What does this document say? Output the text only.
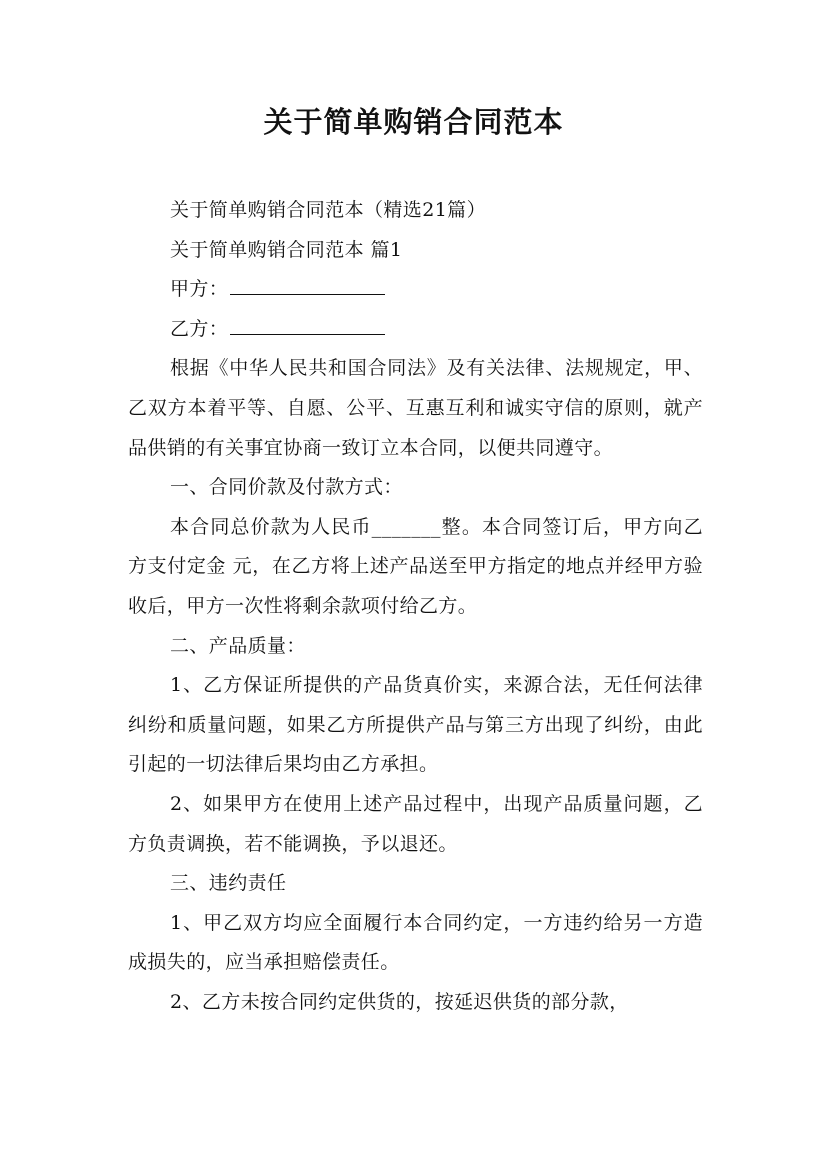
关于简单购销合同范本

关于简单购销合同范本（精选21篇）

关于简单购销合同范本 篇1

甲方：

乙方：

根据《中华人民共和国合同法》及有关法律、法规规定，甲、乙双方本着平等、自愿、公平、互惠互利和诚实守信的原则，就产品供销的有关事宜协商一致订立本合同，以便共同遵守。

一、合同价款及付款方式：

本合同总价款为人民币_______整。本合同签订后，甲方向乙方支付定金 元，在乙方将上述产品送至甲方指定的地点并经甲方验收后，甲方一次性将剩余款项付给乙方。

二、产品质量：

1、乙方保证所提供的产品货真价实，来源合法，无任何法律纠纷和质量问题，如果乙方所提供产品与第三方出现了纠纷，由此引起的一切法律后果均由乙方承担。

2、如果甲方在使用上述产品过程中，出现产品质量问题，乙方负责调换，若不能调换，予以退还。

三、违约责任

1、甲乙双方均应全面履行本合同约定，一方违约给另一方造成损失的，应当承担赔偿责任。

2、乙方未按合同约定供货的，按延迟供货的部分款，
